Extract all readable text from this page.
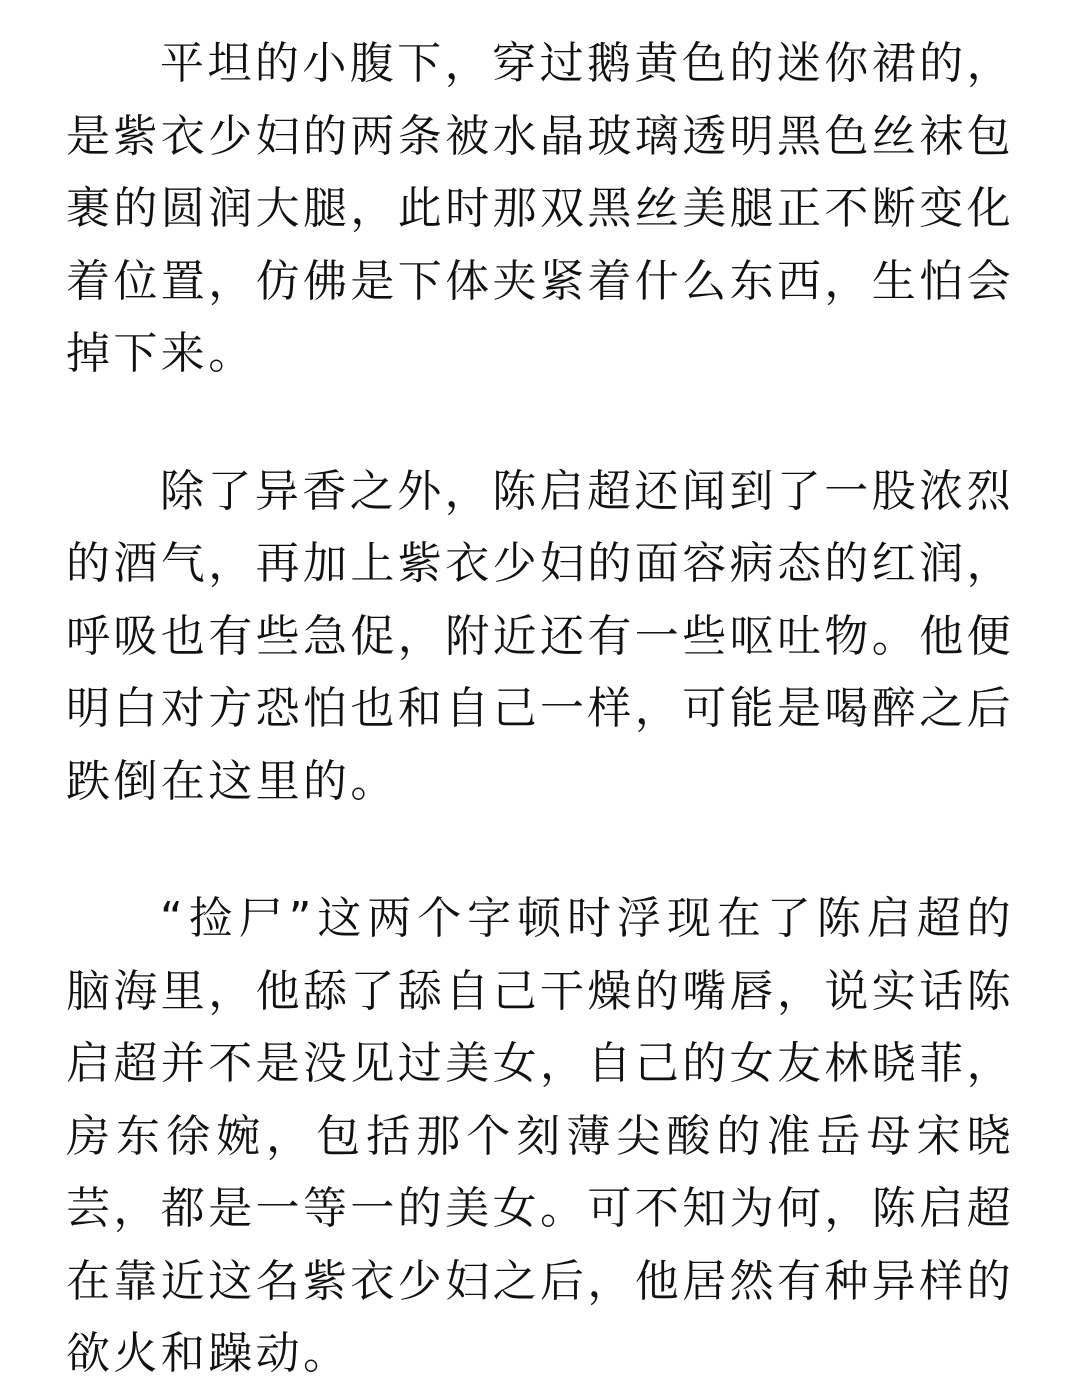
平坦的小腹下，穿过鹅黄色的迷你裙的，是紫衣少妇的两条被水晶玻璃透明黑色丝袜包裹的圆润大腿，此时那双黑丝美腿正不断变化着位置，仿佛是下体夹紧着什么东西，生怕会掉下来。

除了异香之外，陈启超还闻到了一股浓烈的酒气，再加上紫衣少妇的面容病态的红润，呼吸也有些急促，附近还有一些呕吐物。他便明白对方恐怕也和自己一样，可能是喝醉之后跌倒在这里的。

“捡尸”这两个字顿时浮现在了陈启超的脑海里，他舔了舔自己干燥的嘴唇，说实话陈启超并不是没见过美女，自己的女友林晓菲，房东徐婉，包括那个刻薄尖酸的准岳母宋晓芸，都是一等一的美女。可不知为何，陈启超在靠近这名紫衣少妇之后，他居然有种异样的欲火和躁动。
